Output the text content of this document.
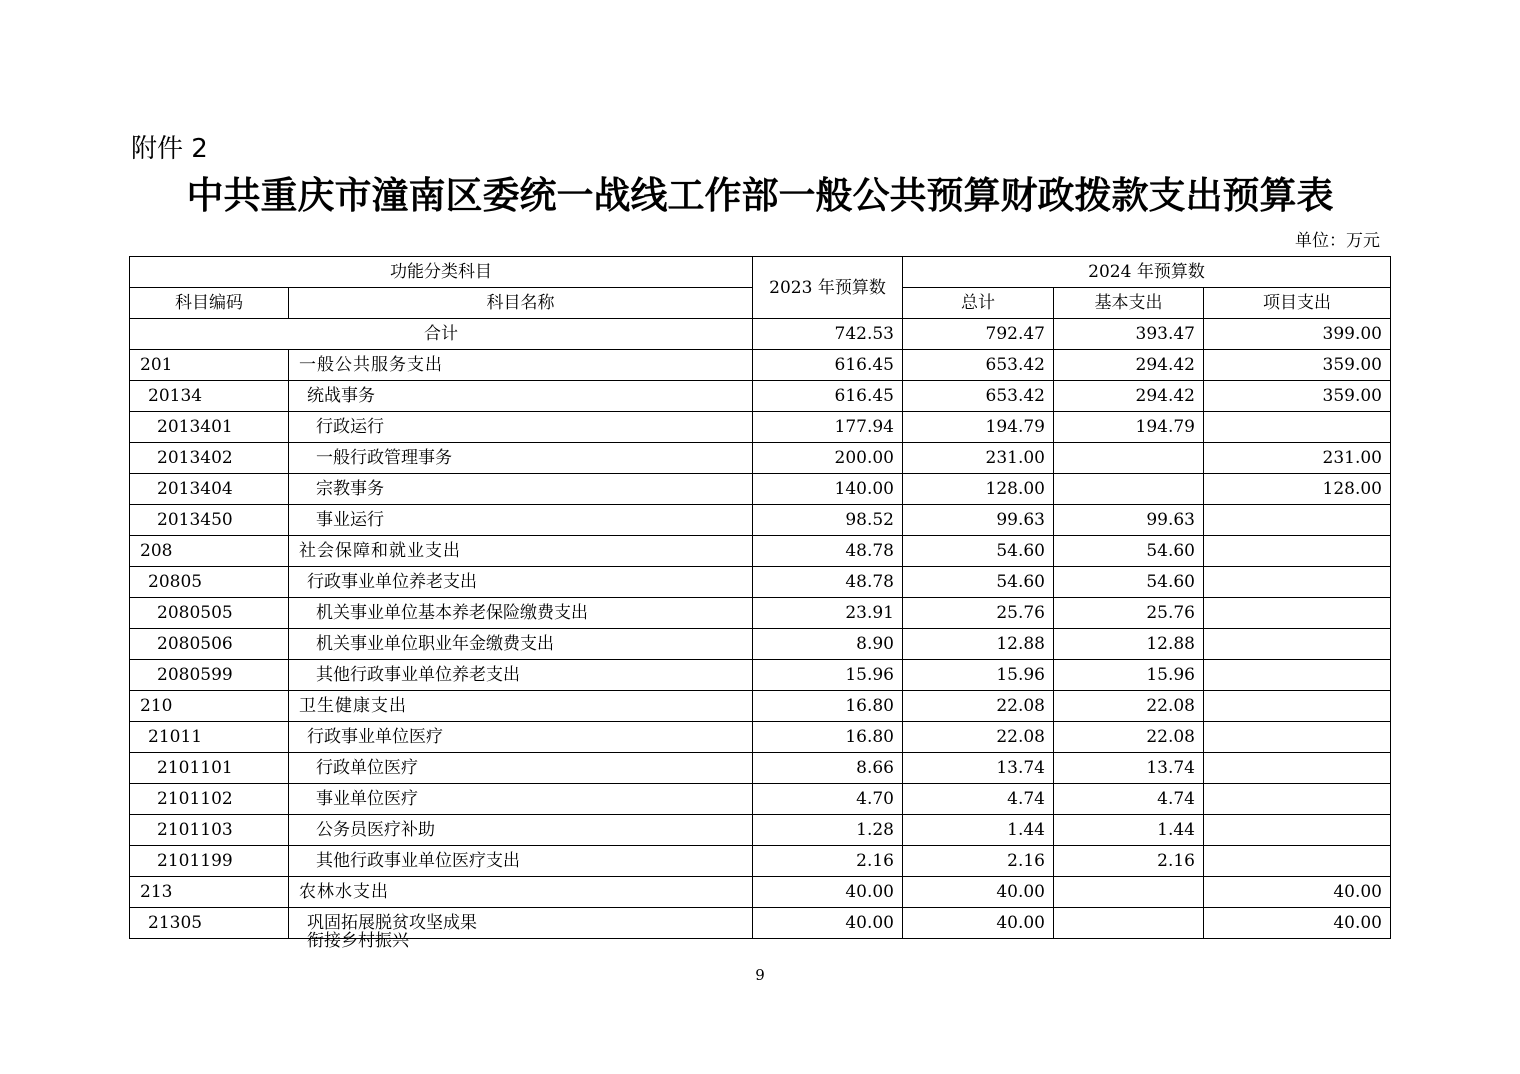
附件 2
中共重庆市潼南区委统一战线工作部一般公共预算财政拨款支出预算表
单位：万元
功能分类科目		2023 年预算数	2024 年预算数		
科目编码	科目名称		总计	基本支出	项目支出
合计		742.53	792.47	393.47	399.00
201	一般公共服务支出	616.45	653.42	294.42	359.00
20134	统战事务	616.45	653.42	294.42	359.00
2013401	行政运行	177.94	194.79	194.79	
2013402	一般行政管理事务	200.00	231.00		231.00
2013404	宗教事务	140.00	128.00		128.00
2013450	事业运行	98.52	99.63	99.63	
208	社会保障和就业支出	48.78	54.60	54.60	
20805	行政事业单位养老支出	48.78	54.60	54.60	
2080505	机关事业单位基本养老保险缴费支出	23.91	25.76	25.76	
2080506	机关事业单位职业年金缴费支出	8.90	12.88	12.88	
2080599	其他行政事业单位养老支出	15.96	15.96	15.96	
210	卫生健康支出	16.80	22.08	22.08	
21011	行政事业单位医疗	16.80	22.08	22.08	
2101101	行政单位医疗	8.66	13.74	13.74	
2101102	事业单位医疗	4.70	4.74	4.74	
2101103	公务员医疗补助	1.28	1.44	1.44	
2101199	其他行政事业单位医疗支出	2.16	2.16	2.16	
213	农林水支出	40.00	40.00		40.00
21305	巩固拓展脱贫攻坚成果
衔接乡村振兴	40.00	40.00		40.00
9
